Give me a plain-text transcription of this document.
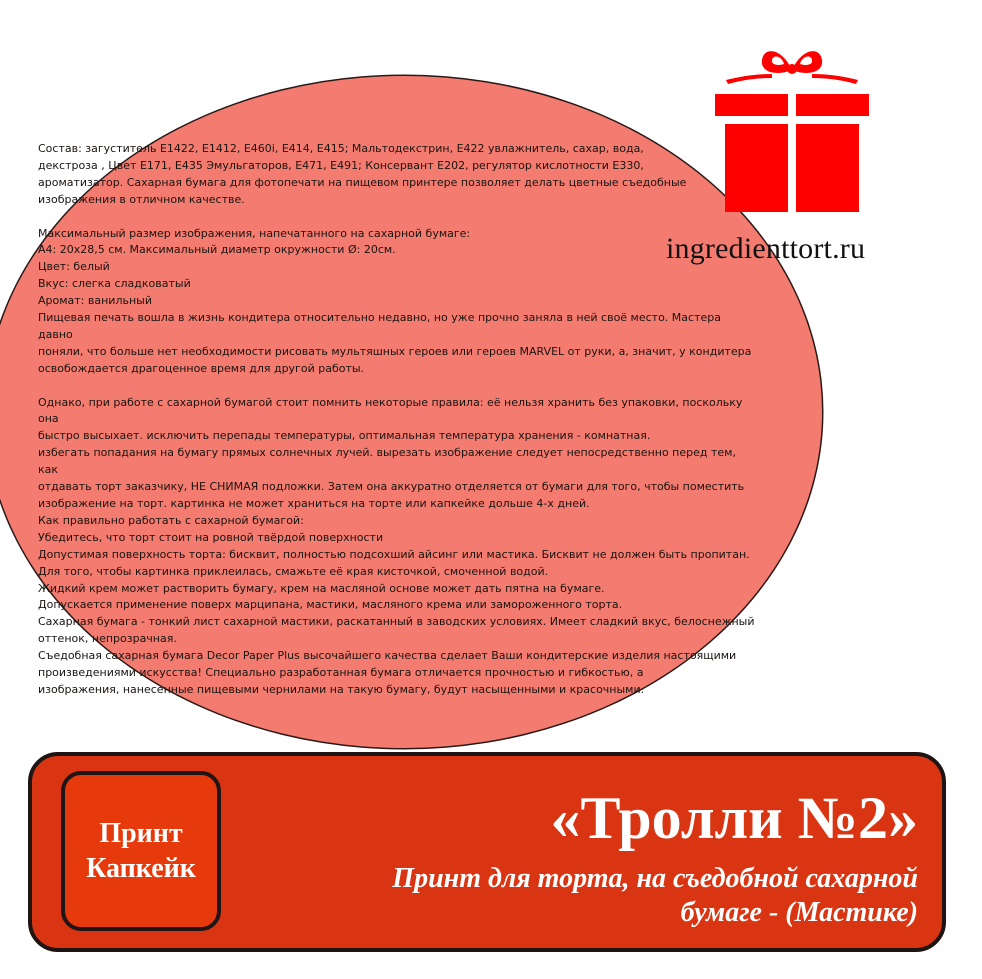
Состав: загуститель Е1422, Е1412, Е460i, Е414, Е415; Мальтодекстрин, Е422 увлажнитель, сахар, вода,

декстроза , Цвет Е171, Е435 Эмульгаторов, Е471, Е491; Консервант Е202, регулятор кислотности Е330,

ароматизатор. Сахарная бумага для фотопечати на пищевом принтере позволяет делать цветные съедобные

изображения в отличном качестве.

Максимальный размер изображения, напечатанного на сахарной бумаге:

А4: 20х28,5 см. Максимальный диаметр окружности Ø: 20см.

Цвет: белый

Вкус: слегка сладковатый

Аромат: ванильный

Пищевая печать вошла в жизнь кондитера относительно недавно, но уже прочно заняла в ней своё место. Мастера давно

поняли, что больше нет необходимости рисовать мультяшных героев или героев MARVEL от руки, а, значит, у кондитера

освобождается драгоценное время для другой работы.

Однако, при работе с сахарной бумагой стоит помнить некоторые правила: её нельзя хранить без упаковки, поскольку она

быстро высыхает. исключить перепады температуры, оптимальная температура хранения - комнатная.

избегать попадания на бумагу прямых солнечных лучей. вырезать изображение следует непосредственно перед тем, как

отдавать торт заказчику, НЕ СНИМАЯ подложки. Затем она аккуратно отделяется от бумаги для того, чтобы поместить

изображение на торт. картинка не может храниться на торте или капкейке дольше 4-х дней.

Как правильно работать с сахарной бумагой:

Убедитесь, что торт стоит на ровной твёрдой поверхности

Допустимая поверхность торта: бисквит, полностью подсохший айсинг или мастика. Бисквит не должен быть пропитан.

Для того, чтобы картинка приклеилась, смажьте её края кисточкой, смоченной водой.

Жидкий крем может растворить бумагу, крем на масляной основе может дать пятна на бумаге.

Допускается применение поверх марципана, мастики, масляного крема или замороженного торта.

Сахарная бумага - тонкий лист сахарной мастики, раскатанный в заводских условиях. Имеет сладкий вкус, белоснежный

оттенок, непрозрачная.

Съедобная сахарная бумага Decor Paper Plus высочайшего качества сделает Ваши кондитерские изделия настоящими

произведениями искусства! Специально разработанная бумага отличается прочностью и гибкостью, а

изображения, нанесенные пищевыми чернилами на такую бумагу, будут насыщенными и красочными.

ingredienttort.ru
Принт
Капкейк
«Тролли №2»
Принт для торта, на съедобной сахарной
бумаге - (Мастике)
